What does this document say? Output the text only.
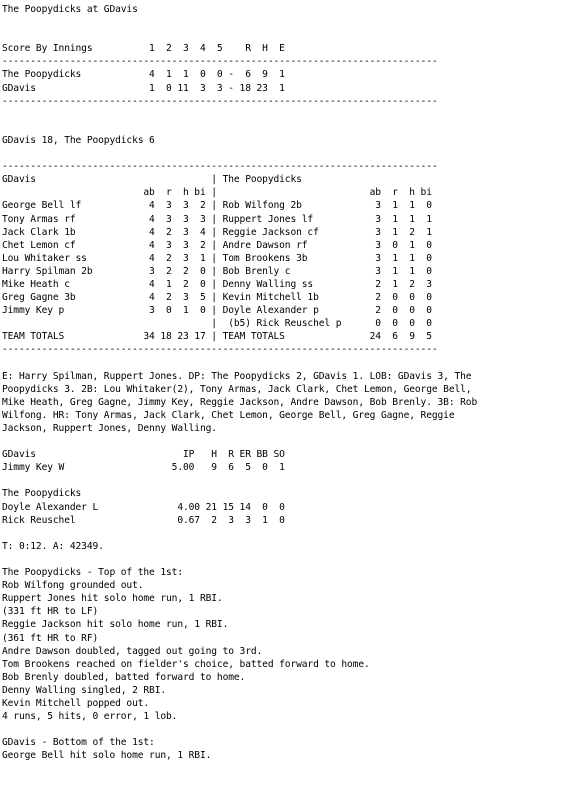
The Poopydicks at GDavis
Score By Innings          1  2  3  4  5    R  H  E
-----------------------------------------------------------------------------
The Poopydicks            4  1  1  0  0 -  6  9  1
GDavis                    1  0 11  3  3 - 18 23  1
-----------------------------------------------------------------------------
GDavis 18, The Poopydicks 6
-----------------------------------------------------------------------------
GDavis                               | The Poopydicks
ab  r  h bi |                           ab  r  h bi
George Bell lf            4  3  3  2 | Rob Wilfong 2b             3  1  1  0
Tony Armas rf             4  3  3  3 | Ruppert Jones lf           3  1  1  1
Jack Clark 1b             4  2  3  4 | Reggie Jackson cf          3  1  2  1
Chet Lemon cf             4  3  3  2 | Andre Dawson rf            3  0  1  0
Lou Whitaker ss           4  2  3  1 | Tom Brookens 3b            3  1  1  0
Harry Spilman 2b          3  2  2  0 | Bob Brenly c               3  1  1  0
Mike Heath c              4  1  2  0 | Denny Walling ss           2  1  2  3
Greg Gagne 3b             4  2  3  5 | Kevin Mitchell 1b          2  0  0  0
Jimmy Key p               3  0  1  0 | Doyle Alexander p          2  0  0  0
|  (b5) Rick Reuschel p      0  0  0  0
TEAM TOTALS              34 18 23 17 | TEAM TOTALS               24  6  9  5
-----------------------------------------------------------------------------
E: Harry Spilman, Ruppert Jones. DP: The Poopydicks 2, GDavis 1. LOB: GDavis 3, The
Poopydicks 3. 2B: Lou Whitaker(2), Tony Armas, Jack Clark, Chet Lemon, George Bell,
Mike Heath, Greg Gagne, Jimmy Key, Reggie Jackson, Andre Dawson, Bob Brenly. 3B: Rob
Wilfong. HR: Tony Armas, Jack Clark, Chet Lemon, George Bell, Greg Gagne, Reggie
Jackson, Ruppert Jones, Denny Walling.
GDavis                          IP   H  R ER BB SO
Jimmy Key W                   5.00   9  6  5  0  1
The Poopydicks
Doyle Alexander L              4.00 21 15 14  0  0
Rick Reuschel                  0.67  2  3  3  1  0
T: 0:12. A: 42349.
The Poopydicks - Top of the 1st:
Rob Wilfong grounded out.
Ruppert Jones hit solo home run, 1 RBI.
(331 ft HR to LF)
Reggie Jackson hit solo home run, 1 RBI.
(361 ft HR to RF)
Andre Dawson doubled, tagged out going to 3rd.
Tom Brookens reached on fielder's choice, batted forward to home.
Bob Brenly doubled, batted forward to home.
Denny Walling singled, 2 RBI.
Kevin Mitchell popped out.
4 runs, 5 hits, 0 error, 1 lob.
GDavis - Bottom of the 1st:
George Bell hit solo home run, 1 RBI.
